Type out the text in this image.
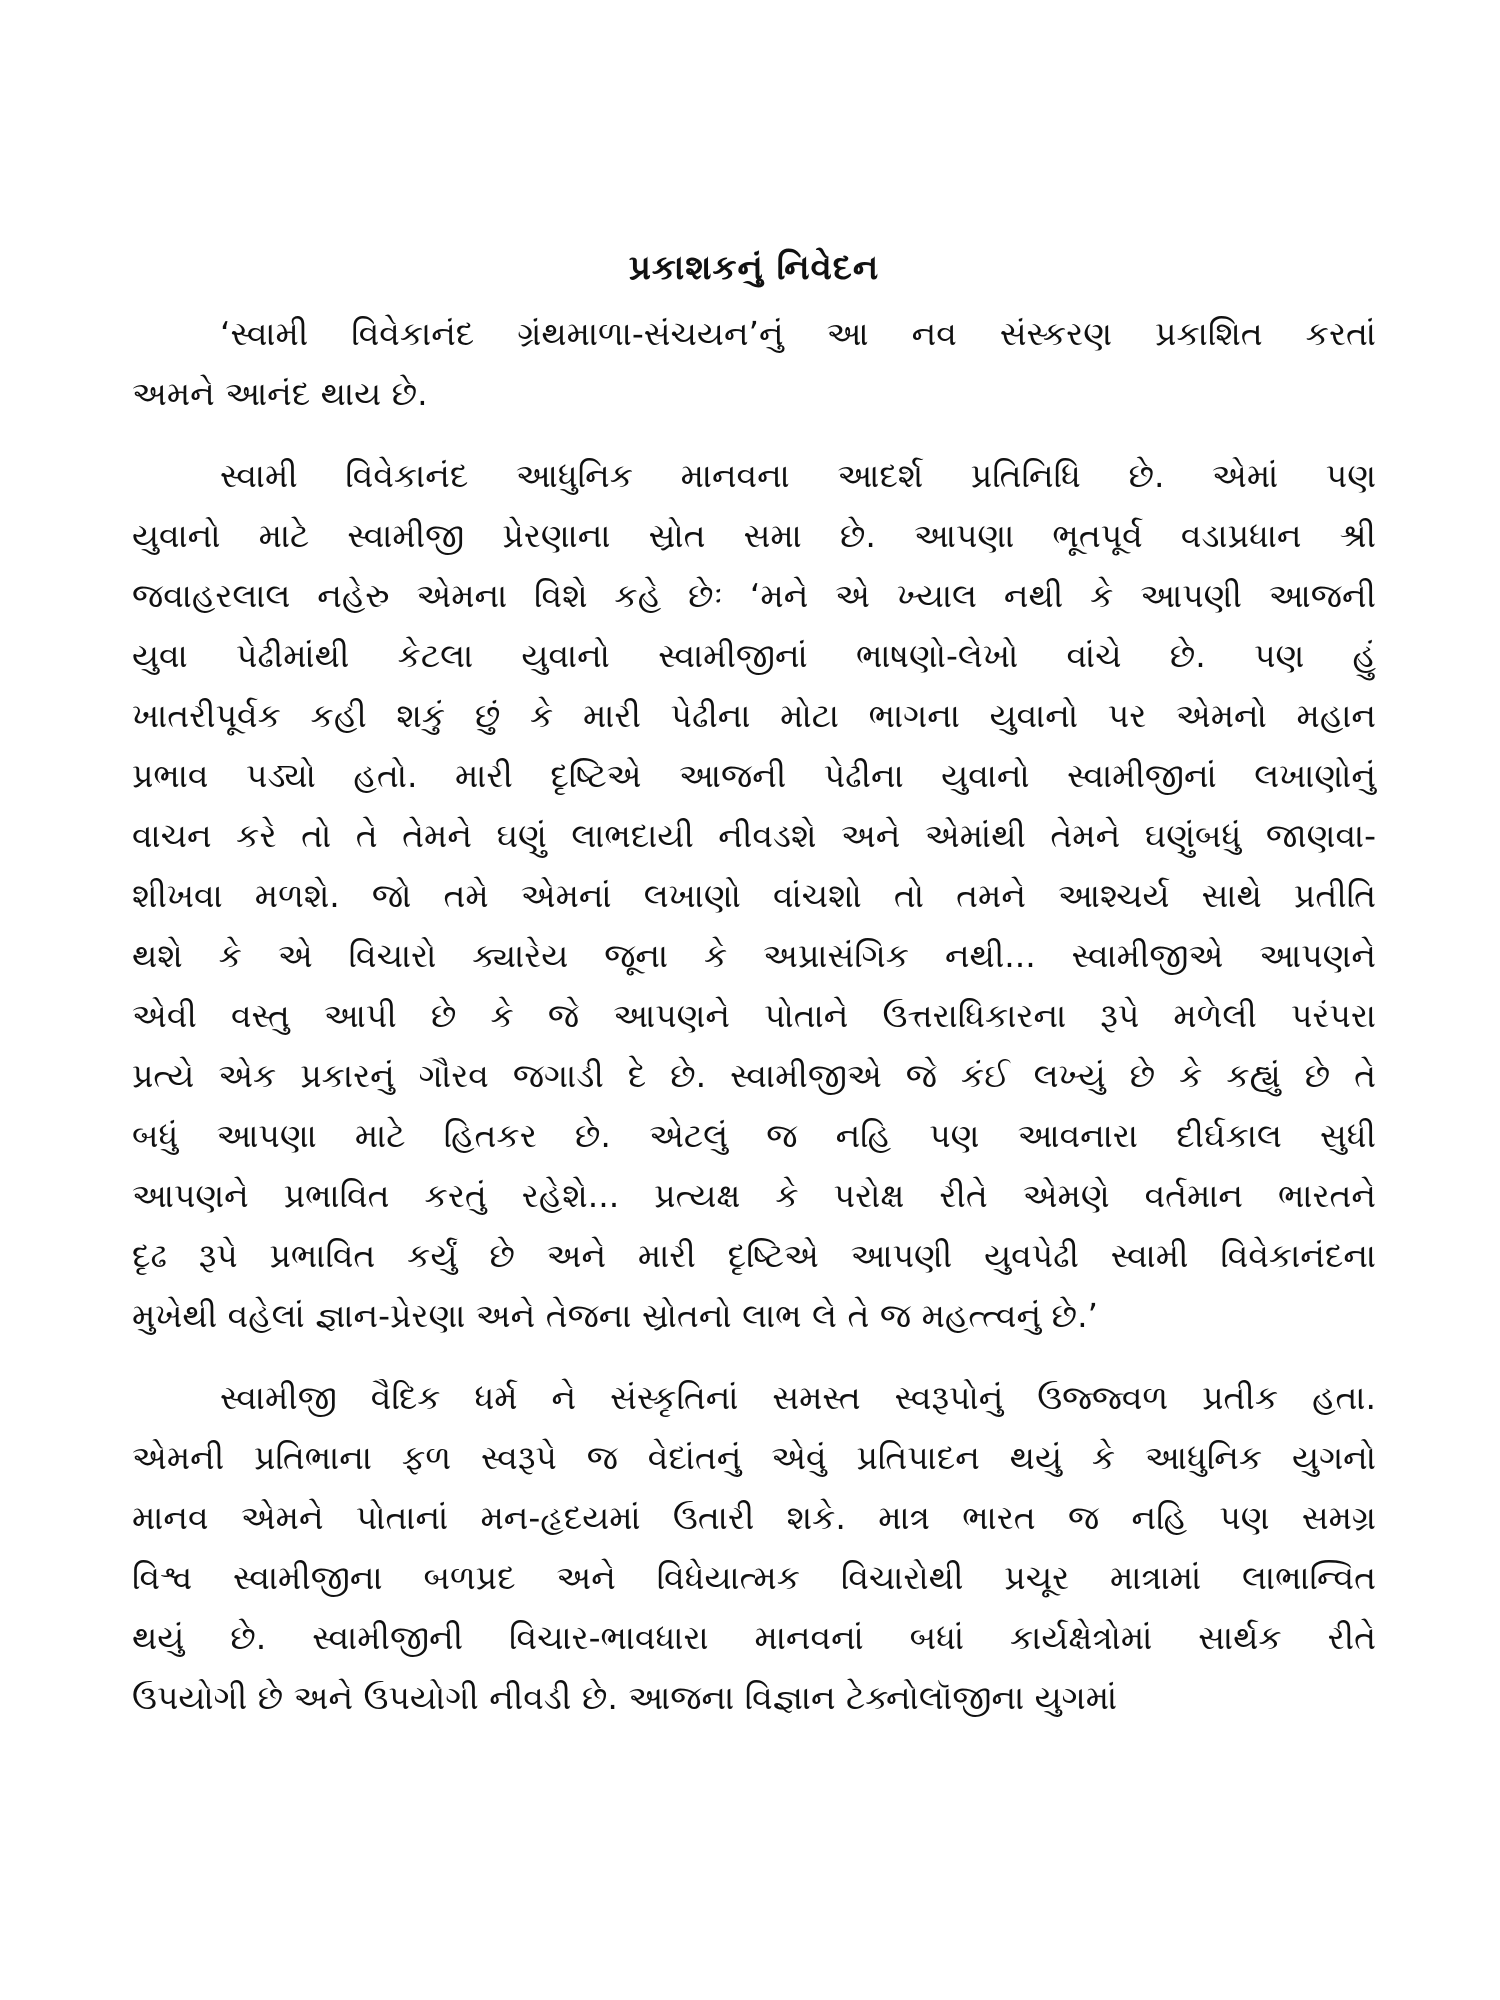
પ્રકાશકનું નિવેદન

‘સ્વામી વિવેકાનંદ ગ્રંથમાળા-સંચયન’નું આ નવ સંસ્કરણ પ્રકાશિત કરતાં
અમને આનંદ થાય છે.

સ્વામી વિવેકાનંદ આધુનિક માનવના આદર્શ પ્રતિનિધિ છે. એમાં પણ
યુવાનો માટે સ્વામીજી પ્રેરણાના સ્રોત સમા છે. આપણા ભૂતપૂર્વ વડાપ્રધાન શ્રી
જવાહરલાલ નહેરુ એમના વિશે કહે છેઃ ‘મને એ ખ્યાલ નથી કે આપણી આજની
યુવા પેઢીમાંથી કેટલા યુવાનો સ્વામીજીનાં ભાષણો-લેખો વાંચે છે. પણ હું
ખાતરીપૂર્વક કહી શકું છું કે મારી પેઢીના મોટા ભાગના યુવાનો પર એમનો મહાન
પ્રભાવ પડ્યો હતો. મારી દૃષ્ટિએ આજની પેઢીના યુવાનો સ્વામીજીનાં લખાણોનું
વાચન કરે તો તે તેમને ઘણું લાભદાયી નીવડશે અને એમાંથી તેમને ઘણુંબધું જાણવા-
શીખવા મળશે. જો તમે એમનાં લખાણો વાંચશો તો તમને આશ્ચર્ય સાથે પ્રતીતિ
થશે કે એ વિચારો ક્યારેય જૂના કે અપ્રાસંગિક નથી... સ્વામીજીએ આપણને
એવી વસ્તુ આપી છે કે જે આપણને પોતાને ઉત્તરાધિકારના રૂપે મળેલી પરંપરા
પ્રત્યે એક પ્રકારનું ગૌરવ જગાડી દે છે. સ્વામીજીએ જે કંઈ લખ્યું છે કે કહ્યું છે તે
બધું આપણા માટે હિતકર છે. એટલું જ નહિ પણ આવનારા દીર્ઘકાલ સુધી
આપણને પ્રભાવિત કરતું રહેશે... પ્રત્યક્ષ કે પરોક્ષ રીતે એમણે વર્તમાન ભારતને
દૃઢ રૂપે પ્રભાવિત કર્યું છે અને મારી દૃષ્ટિએ આપણી યુવપેઢી સ્વામી વિવેકાનંદના
મુખેથી વહેલાં જ્ઞાન-પ્રેરણા અને તેજના સ્રોતનો લાભ લે તે જ મહત્ત્વનું છે.’

સ્વામીજી વૈદિક ધર્મ ને સંસ્કૃતિનાં સમસ્ત સ્વરૂપોનું ઉજ્જ્વળ પ્રતીક હતા.
એમની પ્રતિભાના ફળ સ્વરૂપે જ વેદાંતનું એવું પ્રતિપાદન થયું કે આધુનિક યુગનો
માનવ એમને પોતાનાં મન-હૃદયમાં ઉતારી શકે. માત્ર ભારત જ નહિ પણ સમગ્ર
વિશ્વ સ્વામીજીના બળપ્રદ અને વિધેયાત્મક વિચારોથી પ્રચૂર માત્રામાં લાભાન્વિત
થયું છે. સ્વામીજીની વિચાર-ભાવધારા માનવનાં બધાં કાર્યક્ષેત્રોમાં સાર્થક રીતે
ઉપયોગી છે અને ઉપયોગી નીવડી છે. આજના વિજ્ઞાન ટેક્નોલૉજીના યુગમાં
